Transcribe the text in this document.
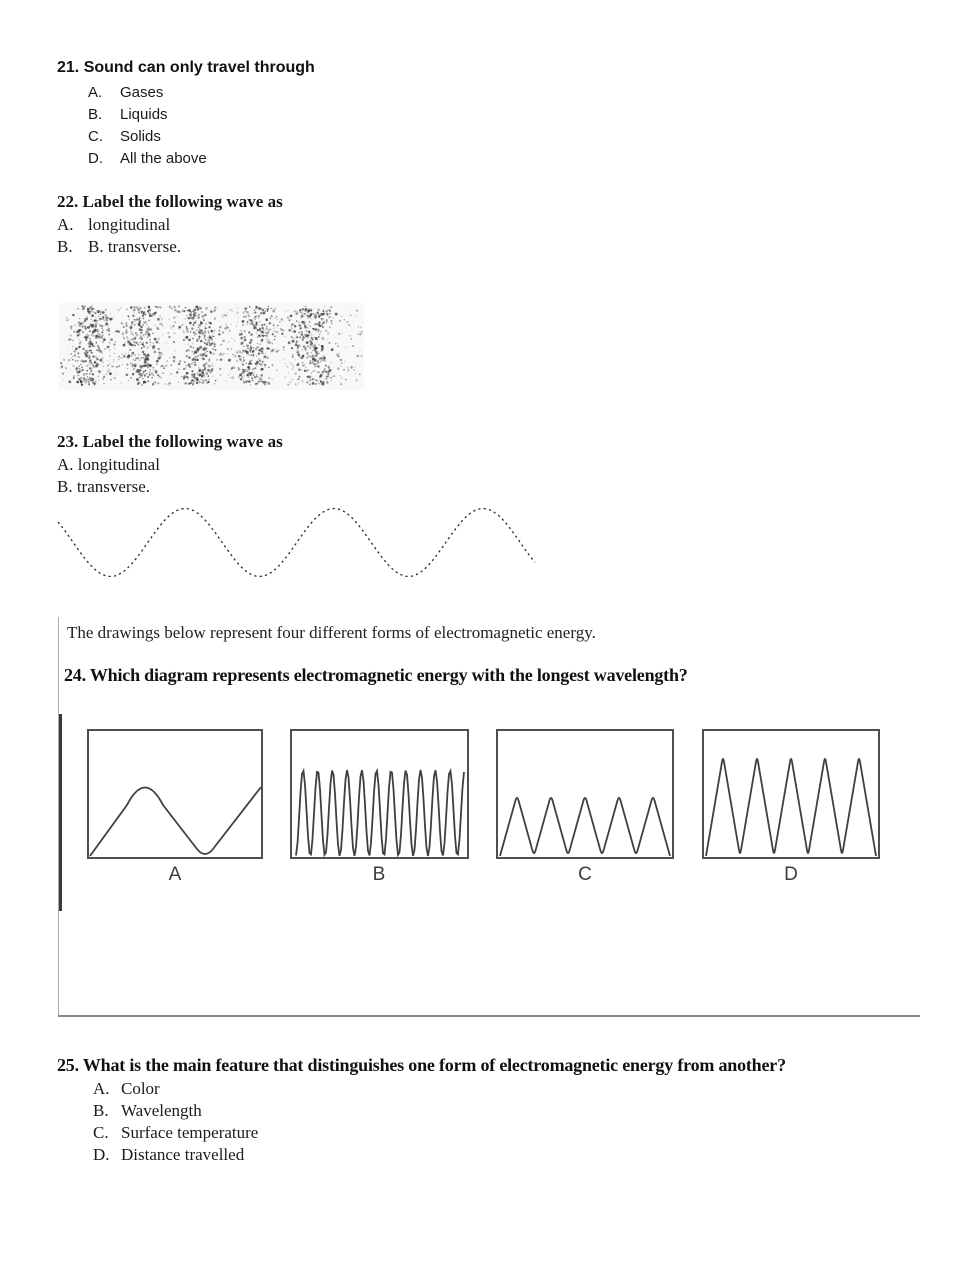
21. Sound can only travel through
A.	Gases
B.	Liquids
C.	Solids
D.	All the above
22. Label the following wave as
A. longitudinal
B. B. transverse.
23. Label the following wave as
A. longitudinal
B. transverse.
The drawings below represent four different forms of electromagnetic energy.
24. Which diagram represents electromagnetic energy with the longest wavelength?
A	B	C	D
25. What is the main feature that distinguishes one form of electromagnetic energy from another?
A. Color
B. Wavelength
C. Surface temperature
D. Distance travelled
